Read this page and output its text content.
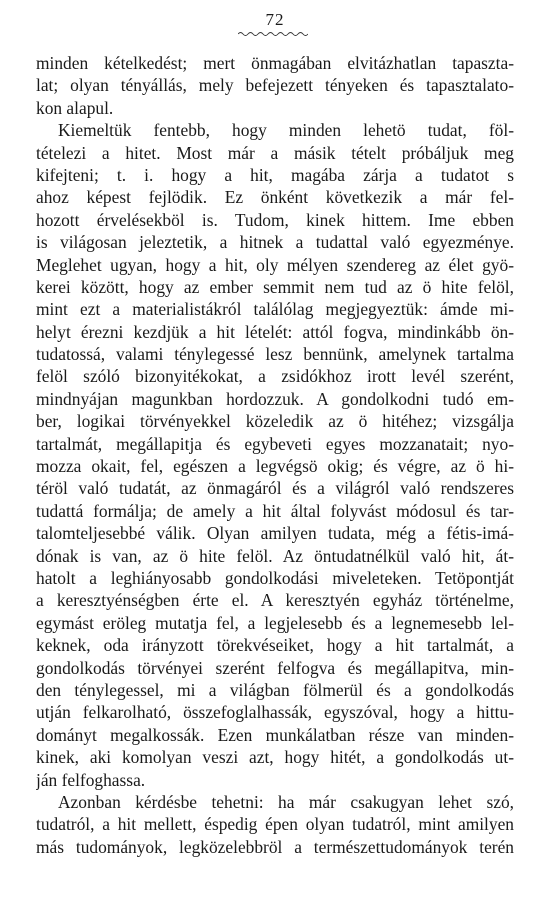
72
minden kételkedést; mert önmagában elvitázhatlan tapaszta-
lat; olyan tényállás, mely befejezett tényeken és tapasztalato-
kon alapul.
Kiemeltük fentebb, hogy minden lehetö tudat, föl-
tételezi a hitet. Most már a másik tételt próbáljuk meg
kifejteni; t. i. hogy a hit, magába zárja a tudatot s
ahoz képest fejlödik. Ez önként következik a már fel-
hozott érvelésekböl is. Tudom, kinek hittem. Ime ebben
is világosan jeleztetik, a hitnek a tudattal való egyezménye.
Meglehet ugyan, hogy a hit, oly mélyen szendereg az élet gyö-
kerei között, hogy az ember semmit nem tud az ö hite felöl,
mint ezt a materialistákról találólag megjegyeztük: ámde mi-
helyt érezni kezdjük a hit lételét: attól fogva, mindinkább ön-
tudatossá, valami ténylegessé lesz bennünk, amelynek tartalma
felöl szóló bizonyitékokat, a zsidókhoz irott levél szerént,
mindnyájan magunkban hordozzuk. A gondolkodni tudó em-
ber, logikai törvényekkel közeledik az ö hitéhez; vizsgálja
tartalmát, megállapitja és egybeveti egyes mozzanatait; nyo-
mozza okait, fel, egészen a legvégsö okig; és végre, az ö hi-
téröl való tudatát, az önmagáról és a világról való rendszeres
tudattá formálja; de amely a hit által folyvást módosul és tar-
talomteljesebbé válik. Olyan amilyen tudata, még a fétis-imá-
dónak is van, az ö hite felöl. Az öntudatnélkül való hit, át-
hatolt a leghiányosabb gondolkodási miveleteken. Tetöpontját
a keresztyénségben érte el. A keresztyén egyház történelme,
egymást eröleg mutatja fel, a legjelesebb és a legnemesebb lel-
keknek, oda irányzott törekvéseiket, hogy a hit tartalmát, a
gondolkodás törvényei szerént felfogva és megállapitva, min-
den ténylegessel, mi a világban fölmerül és a gondolkodás
utján felkarolható, összefoglalhassák, egyszóval, hogy a hittu-
dományt megalkossák. Ezen munkálatban része van minden-
kinek, aki komolyan veszi azt, hogy hitét, a gondolkodás ut-
ján felfoghassa.
Azonban kérdésbe tehetni: ha már csakugyan lehet szó,
tudatról, a hit mellett, éspedig épen olyan tudatról, mint amilyen
más tudományok, legközelebbröl a természettudományok terén
